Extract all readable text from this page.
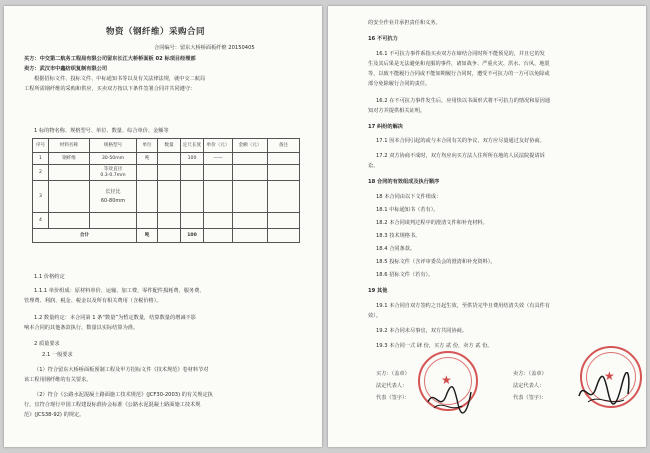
物资（钢纤维）采购合同
合同编号：留东大桥桥面板纤维 20150405
买方：中交第二航务工程局有限公司留东长江大桥桥面板 02 标项目经理部
卖方：武汉市中鑫纺织复制有限公司
根据招标文件、投标文件、中标通知书等以及有关法律法规，就中交二航局
工程所需钢纤维的采购和供应，买卖双方按以下条件签署合同并共同遵守：
1 标的物名称、规格型号、单位、数量、综合单价、金额等
序号	材料名称	规格型号	单位	数量	定尺长度	单价（元）	金额（元）	备注
1	钢纤维	30-50mm	吨		100	——		
2		等效直径
0.3-0.7mm						
3		长径比
60-80mm						
4								
合计			吨		100			
1.1 价格约定
1.1.1 单价组成：原材料单价、运输、加工费、零件配件损耗费、服务费、
管理费、利润、税金、税金以及所有相关费用（含税价格）。
1.2 数量约定：本合同第 1 条“数量”为暂定数量，结算数量的增减不影
响本合同的其他条款执行，数量以实际结算为准。
2 质量要求
2.1 一般要求
（1）符合留东大桥桥面板预制工程及甲方招标文件《技术规范》卷材料节对
该工程用钢纤维的有关要求。
（2）符合《公路水泥混凝土路面施工技术规范》(JCF30-2003) 的有关规定执
行，宜符合现行中国工程建设标准协会标准《公路水泥混凝土路面施工技术规
范》(JCS38-92) 的规定。
的安全作业并承担责任和义务。
16 不可抗力
16.1 不可抗力事件系指买卖双方在缔结合同时所不能预见的，并且它的发
生及其后果是无法避免和克服的事件，诸如战争、严重火灾、洪水、台风、地震
等，以致不能履行合同或不能如期履行合同时，遭受不可抗力的一方可以免除或
部分免除履行合同的责任。
16.2 在不可抗力事件发生后，应用快以书面形式将不可抗力的情况和原因通
知对方并提供相关证明。
17 纠纷的解决
17.1 因本合同引起的或与本合同有关的争议，双方应尽量通过友好协商。
17.2 双方协商不成时，双方均应向买方法人住所所在地的人民法院提请诉
讼。
18 合同的有效组成及执行顺序
18 本合同由以下文件组成：
18.1 中标通知书（若有）。
18.2 本合同谈判过程中的澄清文件和补充材料。
18.3 技术规格书。
18.4 合同条款。
18.5 投标文件（含评审委员会的澄清和补充资料）。
18.6 招标文件（若有）。
19 其他
19.1 本合同自双方签约之日起生效，至供货完毕且费用结清失效（有具件有
效）。
19.2 本合同未尽事宜，双方共同协商。
19.3 本合同一式 肆 份，买方 贰 份，卖方 贰 份。
买方：（盖章）
法定代表人：
代表（签字）：
卖方：（盖章）
法定代表人：
代表（签字）：
★	★
